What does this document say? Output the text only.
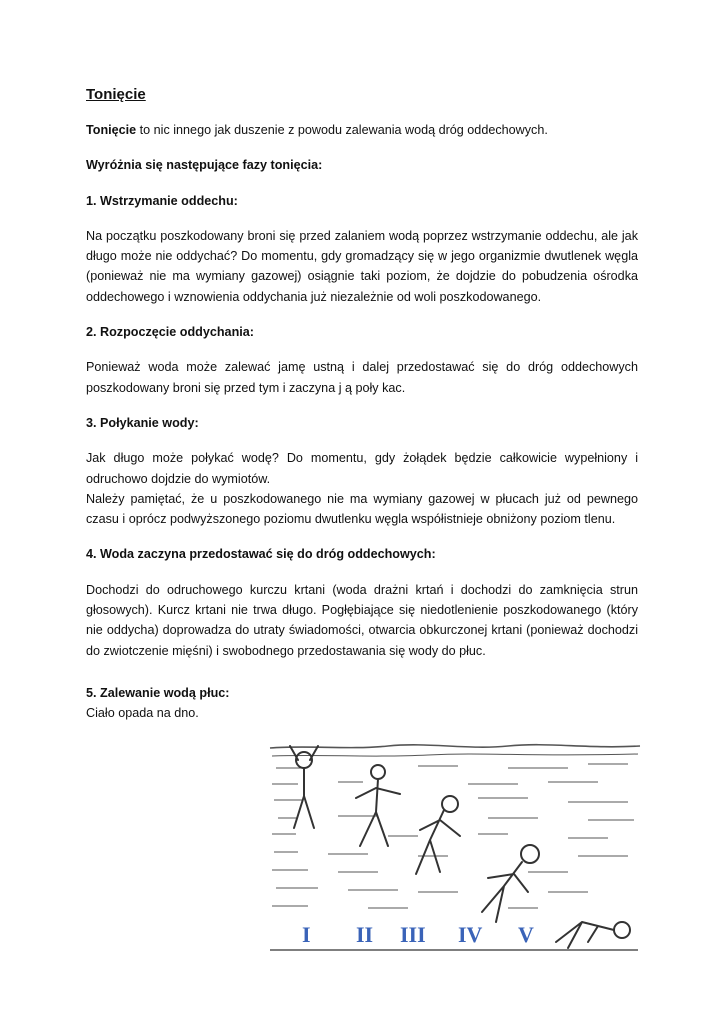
Tonięcie

Tonięcie to nic innego jak duszenie z powodu zalewania wodą dróg oddechowych.

Wyróżnia się następujące fazy tonięcia:

1. Wstrzymanie oddechu:

Na początku poszkodowany broni się przed zalaniem wodą poprzez wstrzymanie oddechu, ale jak długo może nie oddychać? Do momentu, gdy gromadzący się w jego organizmie dwutlenek węgla (ponieważ nie ma wymiany gazowej) osiągnie taki poziom, że dojdzie do pobudzenia ośrodka oddechowego i wznowienia oddychania już niezależnie od woli poszkodowanego.

2. Rozpoczęcie oddychania:

Ponieważ woda może zalewać jamę ustną i dalej przedostawać się do dróg oddechowych poszkodowany broni się przed tym i zaczyna j ą poły kac.

3. Połykanie wody:

Jak długo może połykać wodę? Do momentu, gdy żołądek będzie całkowicie wypełniony i odruchowo dojdzie do wymiotów.

Należy pamiętać, że u poszkodowanego nie ma wymiany gazowej w płucach już od pewnego czasu i oprócz podwyższonego poziomu dwutlenku węgla współistnieje obniżony poziom tlenu.

4. Woda zaczyna przedostawać się do dróg oddechowych:

Dochodzi do odruchowego kurczu krtani (woda drażni krtań i dochodzi do zamknięcia strun głosowych). Kurcz krtani nie trwa długo. Pogłębiające się niedotlenienie poszkodowanego (który nie oddycha) doprowadza do utraty świadomości, otwarcia obkurczonej krtani (ponieważ dochodzi do zwiotczenie mięśni) i swobodnego przedostawania się wody do płuc.

5. Zalewanie wodą płuc:

Ciało opada na dno.

I II III IV V
